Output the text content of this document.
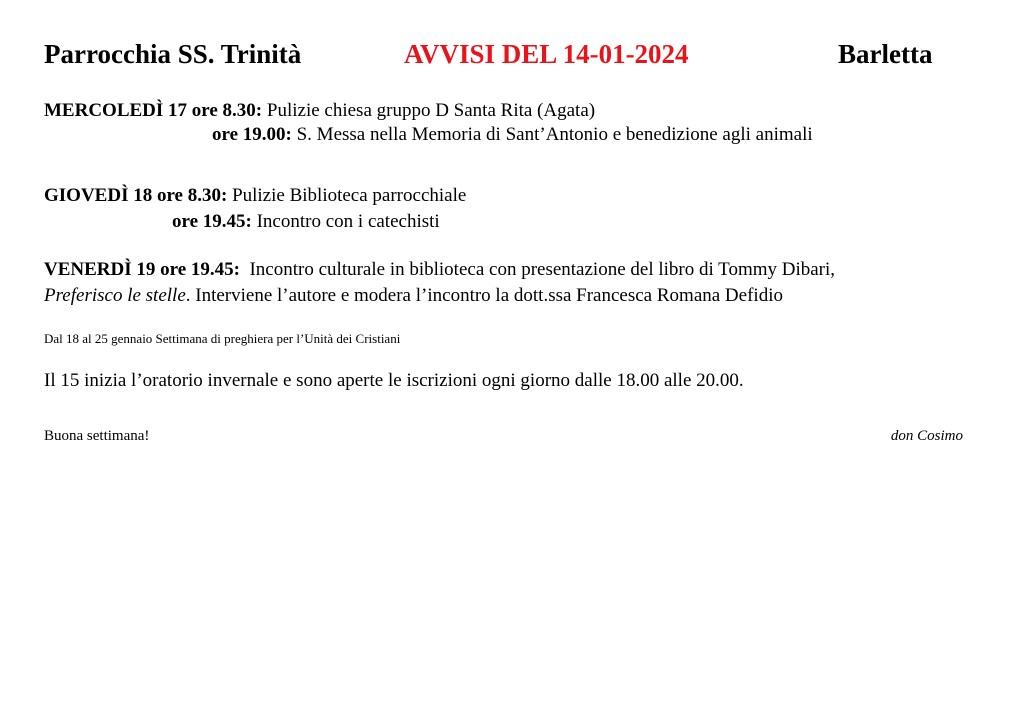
Parrocchia SS. Trinità	AVVISI DEL 14-01-2024	Barletta
MERCOLEDÌ 17 ore 8.30: Pulizie chiesa gruppo D Santa Rita (Agata)
ore 19.00: S. Messa nella Memoria di Sant’Antonio e benedizione agli animali
GIOVEDÌ 18 ore 8.30: Pulizie Biblioteca parrocchiale
ore 19.45: Incontro con i catechisti
VENERDÌ 19 ore 19.45:  Incontro culturale in biblioteca con presentazione del libro di Tommy Dibari,
Preferisco le stelle. Interviene l’autore e modera l’incontro la dott.ssa Francesca Romana Defidio
Dal 18 al 25 gennaio Settimana di preghiera per l’Unità dei Cristiani
Il 15 inizia l’oratorio invernale e sono aperte le iscrizioni ogni giorno dalle 18.00 alle 20.00.
Buona settimana!	don Cosimo
